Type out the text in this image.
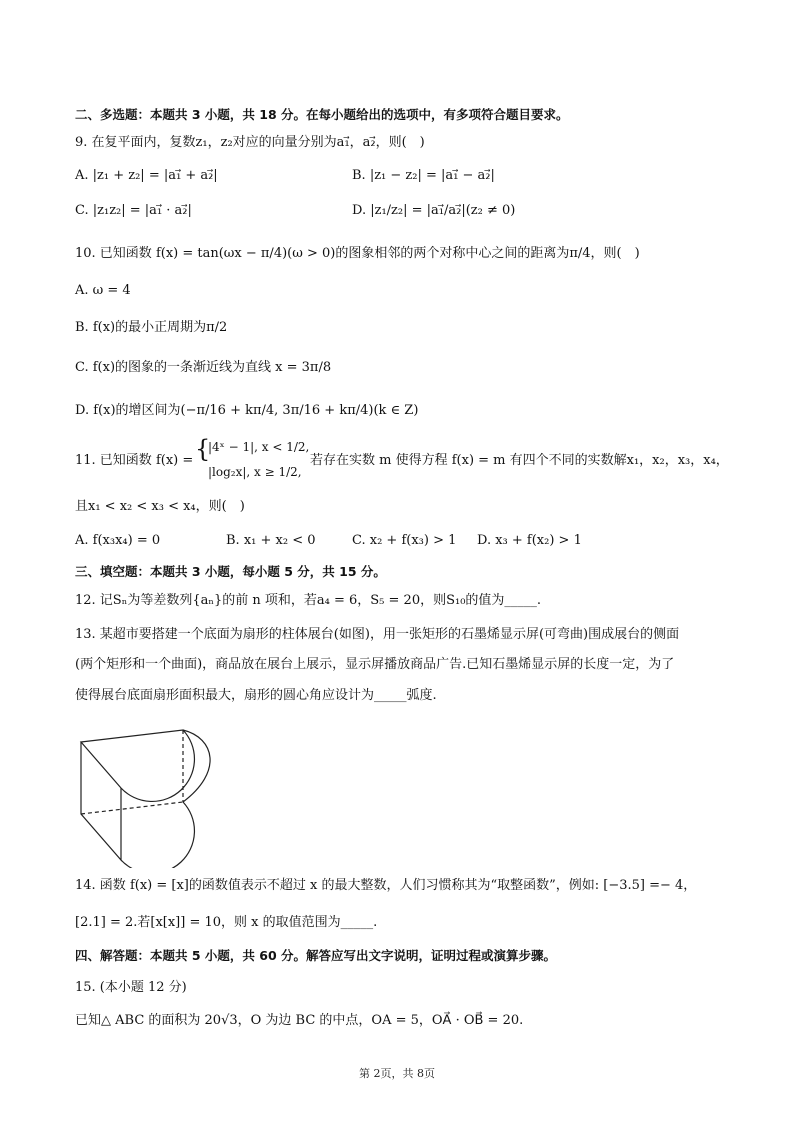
二、多选题：本题共 3 小题，共 18 分。在每小题给出的选项中，有多项符合题目要求。
9. 在复平面内，复数z₁，z₂对应的向量分别为a₁⃗，a₂⃗，则(　)
A. |z₁ + z₂| = |a₁⃗ + a₂⃗|	B. |z₁ − z₂| = |a₁⃗ − a₂⃗|
C. |z₁z₂| = |a₁⃗ · a₂⃗|	D. |z₁/z₂| = |a₁⃗/a₂⃗|(z₂ ≠ 0)
10. 已知函数 f(x) = tan(ωx − π/4)(ω > 0)的图象相邻的两个对称中心之间的距离为π/4，则(　)
A. ω = 4
B. f(x)的最小正周期为π/2
C. f(x)的图象的一条渐近线为直线 x = 3π/8
D. f(x)的增区间为(−π/16 + kπ/4, 3π/16 + kπ/4)(k ∈ Z)
11. 已知函数 f(x) = {
|4ˣ − 1|, x < 1/2,
|log₂x|, x ≥ 1/2,
若存在实数 m 使得方程 f(x) = m 有四个不同的实数解x₁，x₂，x₃，x₄，
且x₁ < x₂ < x₃ < x₄，则(　)
A. f(x₃x₄) = 0	B. x₁ + x₂ < 0	C. x₂ + f(x₃) > 1 D. x₃ + f(x₂) > 1
三、填空题：本题共 3 小题，每小题 5 分，共 15 分。
12. 记Sₙ为等差数列{aₙ}的前 n 项和，若a₄ = 6，S₅ = 20，则S₁₀的值为_____.
13. 某超市要搭建一个底面为扇形的柱体展台(如图)，用一张矩形的石墨烯显示屏(可弯曲)围成展台的侧面
(两个矩形和一个曲面)，商品放在展台上展示，显示屏播放商品广告.已知石墨烯显示屏的长度一定，为了
使得展台底面扇形面积最大，扇形的圆心角应设计为_____弧度.
14. 函数 f(x) = [x]的函数值表示不超过 x 的最大整数，人们习惯称其为“取整函数”，例如: [−3.5] =− 4，
[2.1] = 2.若[x[x]] = 10，则 x 的取值范围为_____.
四、解答题：本题共 5 小题，共 60 分。解答应写出文字说明，证明过程或演算步骤。
15. (本小题 12 分)
已知△ ABC 的面积为 20√3，O 为边 BC 的中点，OA = 5，OA⃗ · OB⃗ = 20.
第 2页，共 8页
